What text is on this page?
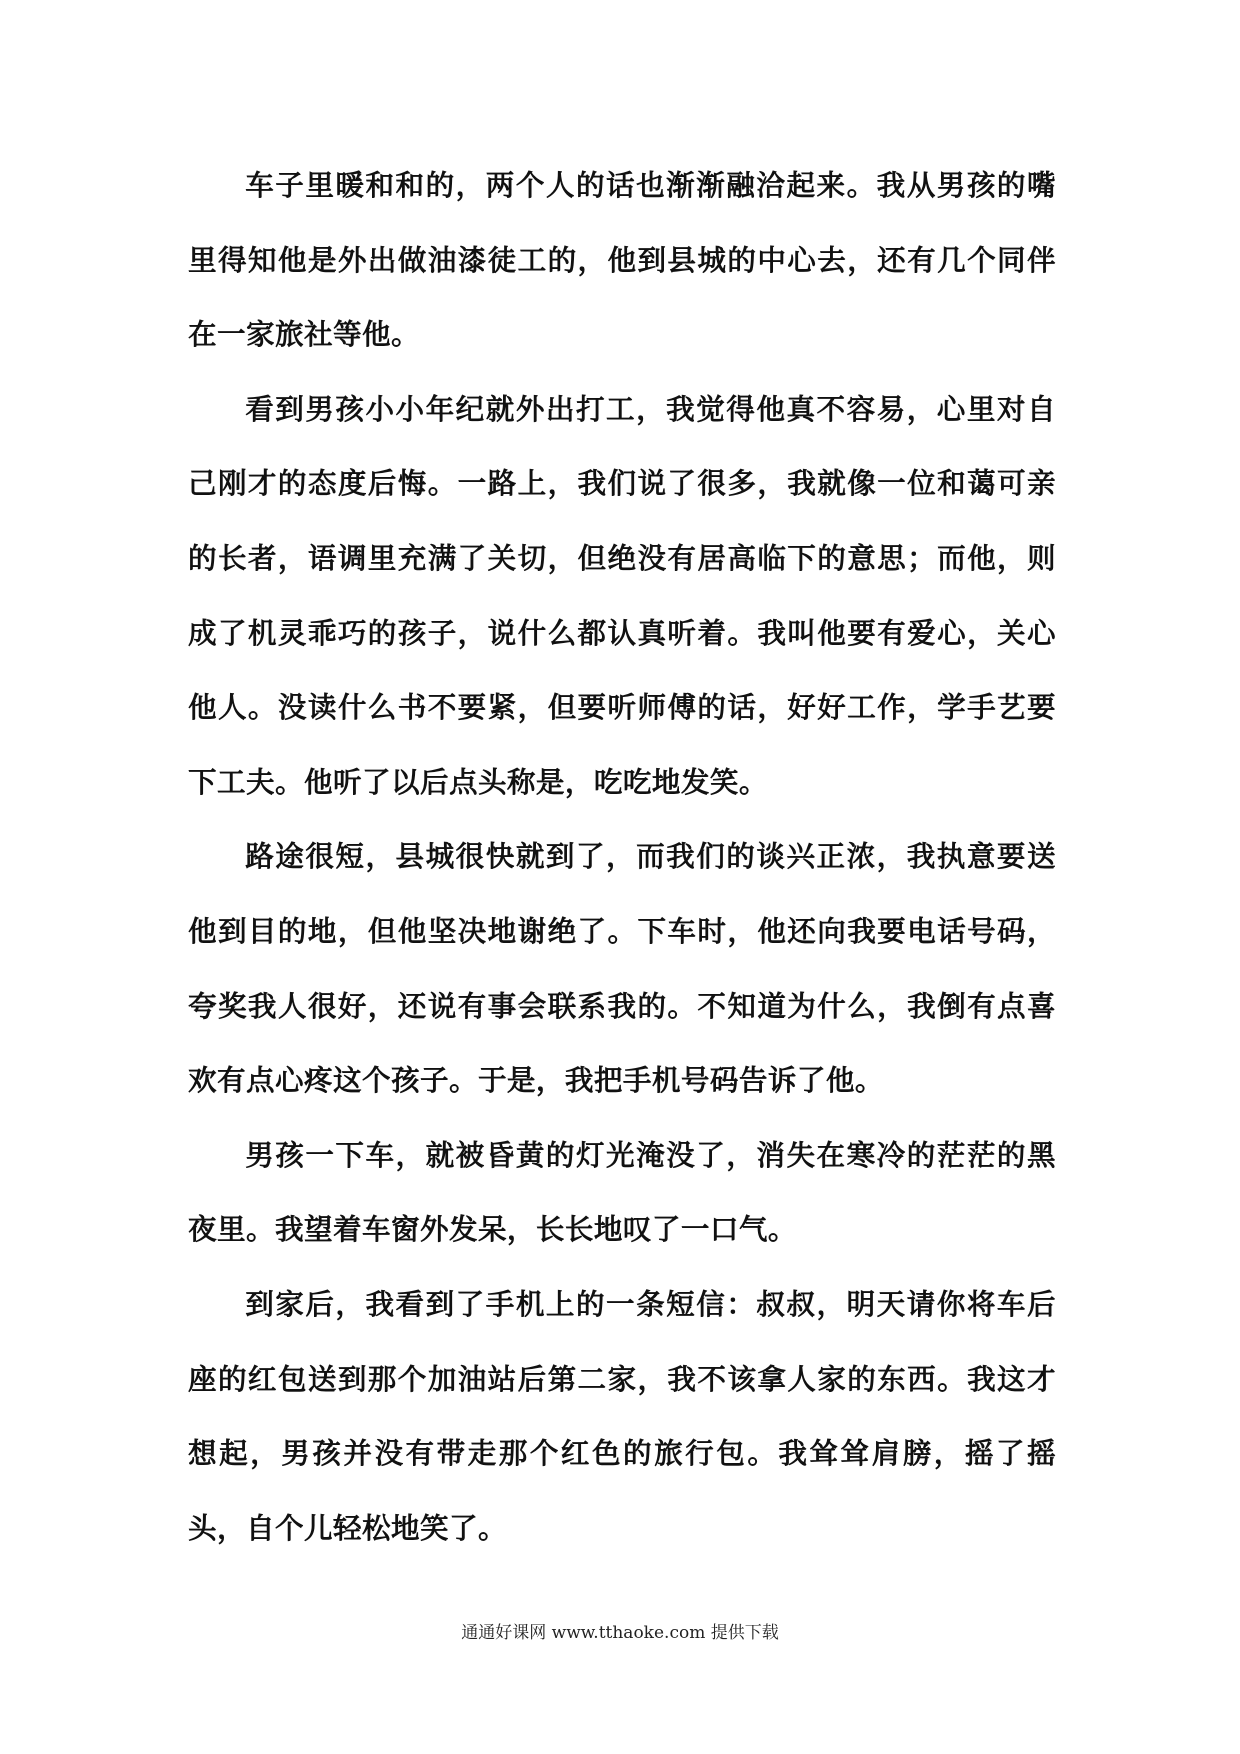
车子里暖和和的，两个人的话也渐渐融洽起来。我从男孩的嘴里得知他是外出做油漆徒工的，他到县城的中心去，还有几个同伴在一家旅社等他。

看到男孩小小年纪就外出打工，我觉得他真不容易，心里对自己刚才的态度后悔。一路上，我们说了很多，我就像一位和蔼可亲的长者，语调里充满了关切，但绝没有居高临下的意思；而他，则成了机灵乖巧的孩子，说什么都认真听着。我叫他要有爱心，关心他人。没读什么书不要紧，但要听师傅的话，好好工作，学手艺要下工夫。他听了以后点头称是，吃吃地发笑。

路途很短，县城很快就到了，而我们的谈兴正浓，我执意要送他到目的地，但他坚决地谢绝了。下车时，他还向我要电话号码，夸奖我人很好，还说有事会联系我的。不知道为什么，我倒有点喜欢有点心疼这个孩子。于是，我把手机号码告诉了他。

男孩一下车，就被昏黄的灯光淹没了，消失在寒冷的茫茫的黑夜里。我望着车窗外发呆，长长地叹了一口气。

到家后，我看到了手机上的一条短信：叔叔，明天请你将车后座的红包送到那个加油站后第二家，我不该拿人家的东西。我这才想起，男孩并没有带走那个红色的旅行包。我耸耸肩膀，摇了摇头，自个儿轻松地笑了。

通通好课网 www.tthaoke.com 提供下载
